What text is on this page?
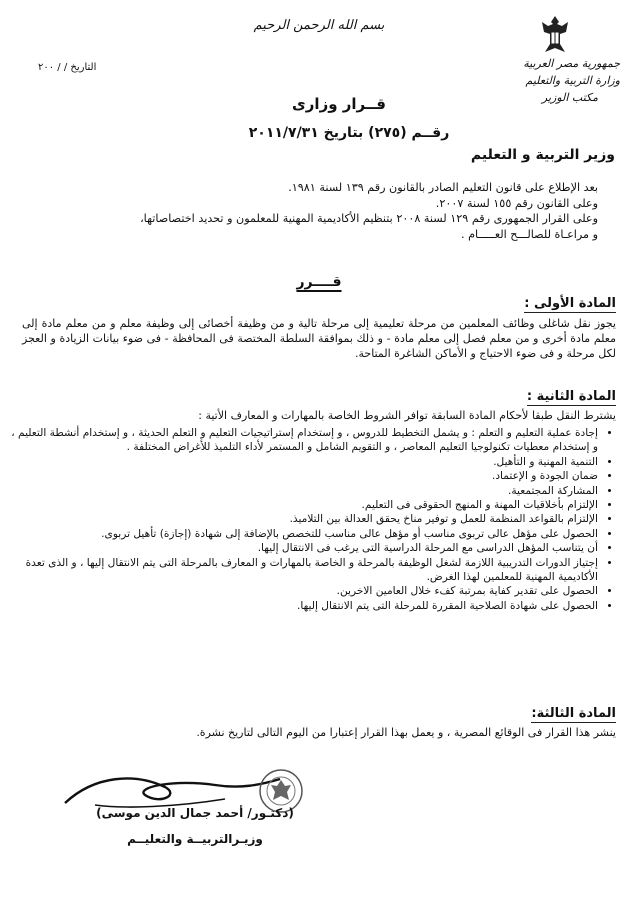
بسم الله الرحمن الرحيم
جمهورية مصر العربية
وزارة التربية والتعليم
مكتب الوزير
التاريخ / / ٢٠٠
قــرار وزارى
رقــم (٢٧٥) بتاريخ ٢٠١١/٧/٣١
وزير التربية و التعليم

بعد الإطلاع على قانون التعليم الصادر بالقانون رقم ١٣٩ لسنة ١٩٨١.

وعلى القانون رقم ١٥٥ لسنة ٢٠٠٧.

وعلى القرار الجمهورى رقم ١٢٩ لسنة ٢٠٠٨ بتنظيم الأكاديمية المهنية للمعلمون و تحديد اختصاصاتها،

و مراعـاة للصالـــح العـــــام .

قــــرر
المادة الأولى :
يجوز نقل شاغلى وظائف المعلمين من مرحلة تعليمية إلى مرحلة تالية و من وظيفة أخصائى إلى وظيفة معلم و من معلم مادة إلى معلم مادة أخرى و من معلم فصل إلى معلم مادة - و ذلك بموافقة السلطة المختصة فى المحافظة - فى ضوء بيانات الزيادة و العجز لكل مرحلة و فى ضوء الاحتياج و الأماكن الشاغرة المتاحة.
المادة الثانية :
يشترط النقل طبقا لأحكام المادة السابقة توافر الشروط الخاصة بالمهارات و المعارف الأتية :
• إجادة عملية التعليم و التعلم : و يشمل التخطيط للدروس ، و إستخدام إستراتيجيات التعليم و التعلم الحديثة ، و إستخدام أنشطة التعليم ، و إستخدام معطيات تكنولوجيا التعليم المعاصر ، و التقويم الشامل و المستمر لأداء التلميذ للأغراض المختلفة .
• التنمية المهنية و التأهيل.
• ضمان الجودة و الإعتماد.
• المشاركة المجتمعية.
• الإلتزام بأخلاقيات المهنة و المنهج الحقوقى فى التعليم.
• الإلتزام بالقواعد المنظمة للعمل و توفير مناخ يحقق العدالة بين التلاميذ.
• الحصول على مؤهل عالى تربوى مناسب أو مؤهل عالى مناسب للتخصص بالإضافة إلى شهادة (إجازة) تأهيل تربوى.
• أن يتناسب المؤهل الدراسى مع المرحلة الدراسية التى يرغب فى الانتقال إليها.
• إجتياز الدورات التدريبية اللازمة لشغل الوظيفة بالمرحلة و الخاصة بالمهارات و المعارف بالمرحلة التى يتم الانتقال إليها ، و الذى تعدة الأكاديمية المهنية للمعلمين لهذا الغرض.
• الحصول على تقدير كفاية بمرتبة كفء خلال العامين الاخرين.
• الحصول على شهادة الصلاحية المقررة للمرحلة التى يتم الانتقال إليها.
المادة الثالثة:
ينشر هذا القرار فى الوقائع المصرية ، و يعمل بهذا القرار إعتبارا من اليوم التالى لتاريخ نشرة.
(دكتـور/ أحمد جمال الدين موسى)
وزيـرالتربيــة والتعليــم
